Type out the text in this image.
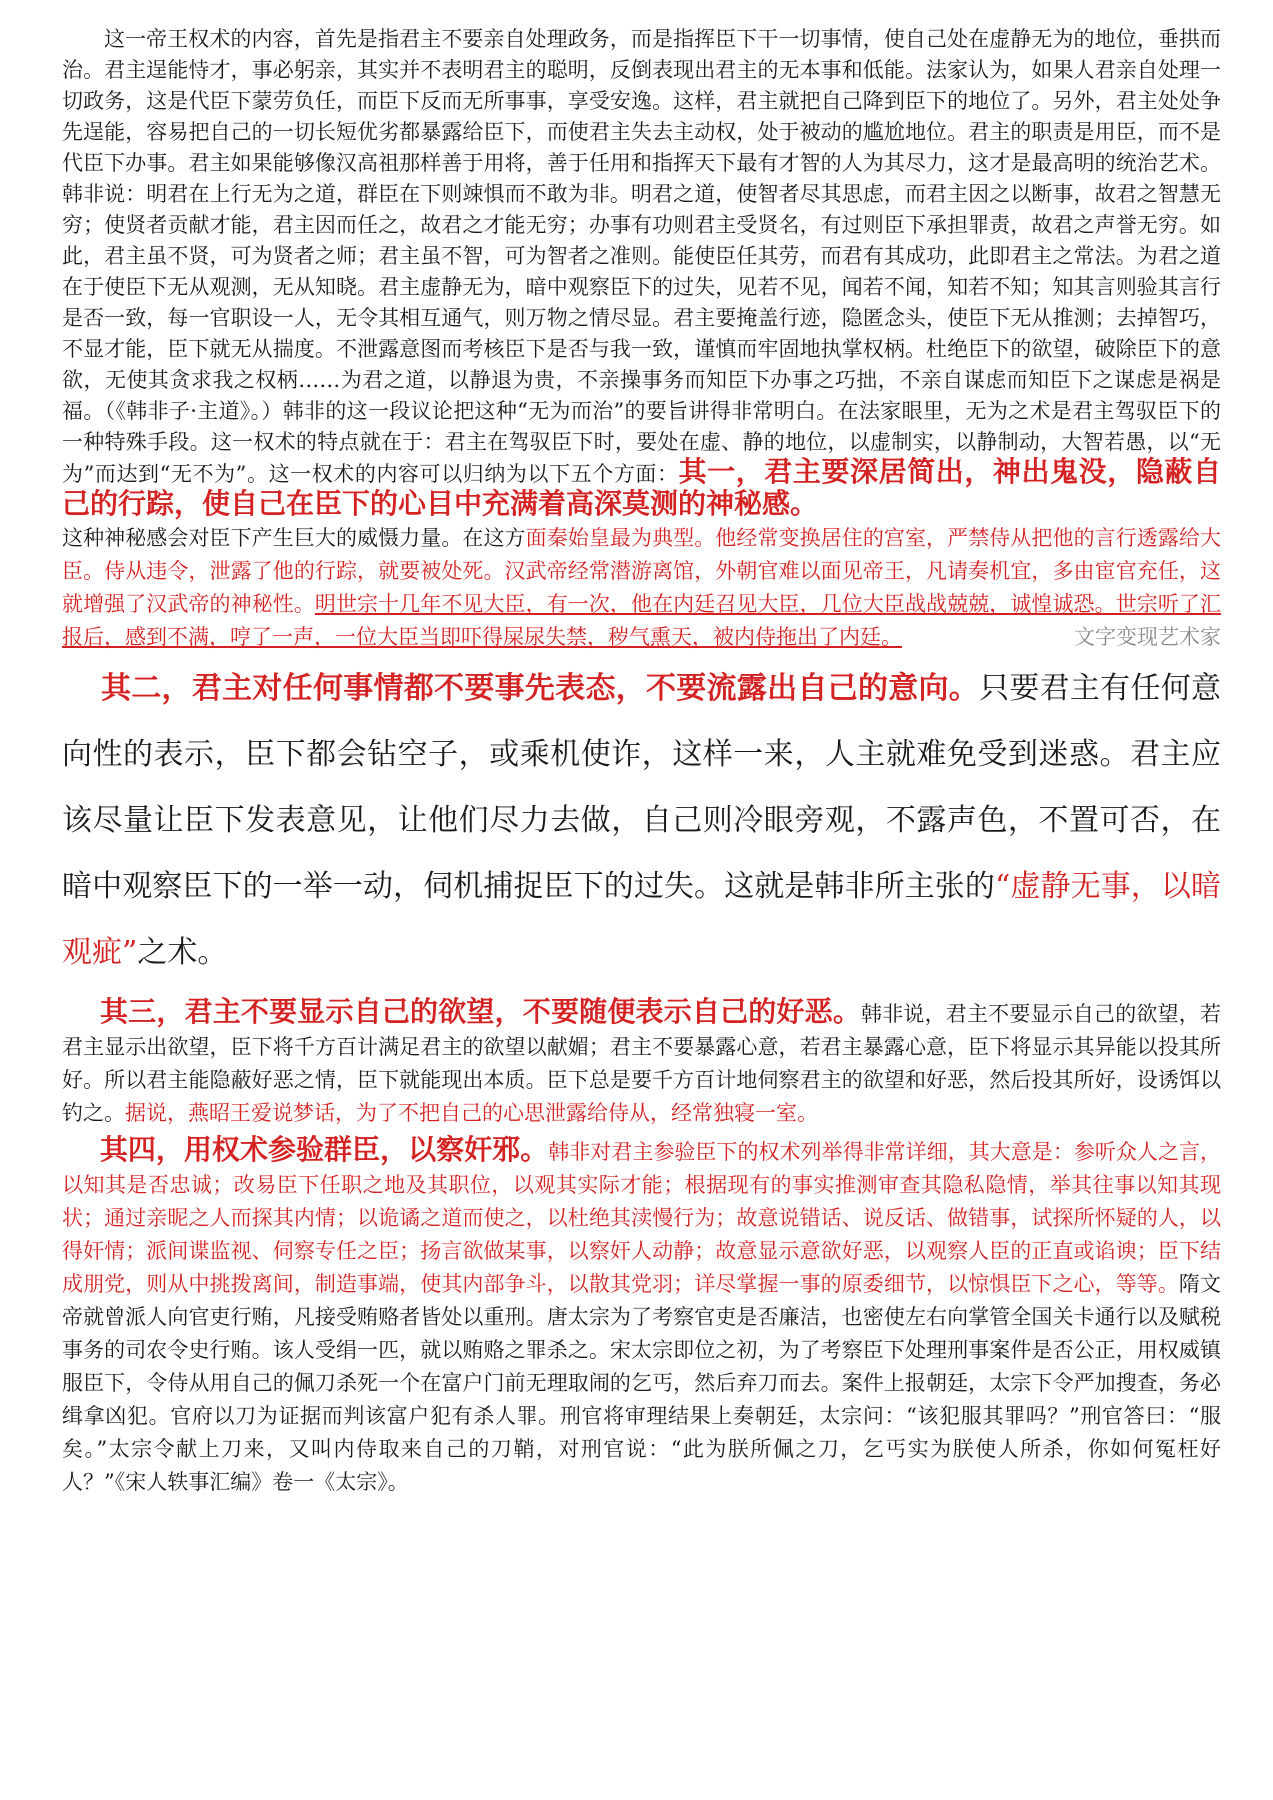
这一帝王权术的内容，首先是指君主不要亲自处理政务，而是指挥臣下干一切事情，使自己处在虚静无为的地位，垂拱而治。君主逞能恃才，事必躬亲，其实并不表明君主的聪明，反倒表现出君主的无本事和低能。法家认为，如果人君亲自处理一切政务，这是代臣下蒙劳负任，而臣下反而无所事事，享受安逸。这样，君主就把自己降到臣下的地位了。另外，君主处处争先逞能，容易把自己的一切长短优劣都暴露给臣下，而使君主失去主动权，处于被动的尴尬地位。君主的职责是用臣，而不是代臣下办事。君主如果能够像汉高祖那样善于用将，善于任用和指挥天下最有才智的人为其尽力，这才是最高明的统治艺术。韩非说：明君在上行无为之道，群臣在下则竦惧而不敢为非。明君之道，使智者尽其思虑，而君主因之以断事，故君之智慧无穷；使贤者贡献才能，君主因而任之，故君之才能无穷；办事有功则君主受贤名，有过则臣下承担罪责，故君之声誉无穷。如此，君主虽不贤，可为贤者之师；君主虽不智，可为智者之准则。能使臣任其劳，而君有其成功，此即君主之常法。为君之道在于使臣下无从观测，无从知晓。君主虚静无为，暗中观察臣下的过失，见若不见，闻若不闻，知若不知；知其言则验其言行是否一致，每一官职设一人，无令其相互通气，则万物之情尽显。君主要掩盖行迹，隐匿念头，使臣下无从推测；去掉智巧，不显才能，臣下就无从揣度。不泄露意图而考核臣下是否与我一致，谨慎而牢固地执掌权柄。杜绝臣下的欲望，破除臣下的意欲，无使其贪求我之权柄……为君之道，以静退为贵，不亲操事务而知臣下办事之巧拙，不亲自谋虑而知臣下之谋虑是祸是福。（《韩非子·主道》。）韩非的这一段议论把这种“无为而治”的要旨讲得非常明白。在法家眼里，无为之术是君主驾驭臣下的一种特殊手段。这一权术的特点就在于：君主在驾驭臣下时，要处在虚、静的地位，以虚制实，以静制动，大智若愚，以“无为”而达到“无不为”。这一权术的内容可以归纳为以下五个方面：其一，君主要深居简出，神出鬼没，隐蔽自己的行踪，使自己在臣下的心目中充满着高深莫测的神秘感。

这种神秘感会对臣下产生巨大的威慑力量。在这方面秦始皇最为典型。他经常变换居住的宫室，严禁侍从把他的言行透露给大臣。侍从违令，泄露了他的行踪，就要被处死。汉武帝经常潜游离馆，外朝官难以面见帝王，凡请奏机宜，多由宦官充任，这就增强了汉武帝的神秘性。明世宗十几年不见大臣，有一次，他在内廷召见大臣，几位大臣战战兢兢，诚惶诚恐。世宗听了汇报后，感到不满，哼了一声，一位大臣当即吓得屎尿失禁，秽气熏天，被内侍拖出了内廷。	文字变现艺术家

其二，君主对任何事情都不要事先表态，不要流露出自己的意向。只要君主有任何意向性的表示，臣下都会钻空子，或乘机使诈，这样一来，人主就难免受到迷惑。君主应该尽量让臣下发表意见，让他们尽力去做，自己则冷眼旁观，不露声色，不置可否，在暗中观察臣下的一举一动，伺机捕捉臣下的过失。这就是韩非所主张的“虚静无事，以暗观疵”之术。

其三，君主不要显示自己的欲望，不要随便表示自己的好恶。韩非说，君主不要显示自己的欲望，若君主显示出欲望，臣下将千方百计满足君主的欲望以献媚；君主不要暴露心意，若君主暴露心意，臣下将显示其异能以投其所好。所以君主能隐蔽好恶之情，臣下就能现出本质。臣下总是要千方百计地伺察君主的欲望和好恶，然后投其所好，设诱饵以钓之。据说，燕昭王爱说梦话，为了不把自己的心思泄露给侍从，经常独寝一室。

其四，用权术参验群臣，以察奸邪。韩非对君主参验臣下的权术列举得非常详细，其大意是：参听众人之言，以知其是否忠诚；改易臣下任职之地及其职位，以观其实际才能；根据现有的事实推测审查其隐私隐情，举其往事以知其现状；通过亲昵之人而探其内情；以诡谲之道而使之，以杜绝其渎慢行为；故意说错话、说反话、做错事，试探所怀疑的人，以得奸情；派间谍监视、伺察专任之臣；扬言欲做某事，以察奸人动静；故意显示意欲好恶，以观察人臣的正直或谄谀；臣下结成朋党，则从中挑拨离间，制造事端，使其内部争斗，以散其党羽；详尽掌握一事的原委细节，以惊惧臣下之心，等等。隋文帝就曾派人向官吏行贿，凡接受贿赂者皆处以重刑。唐太宗为了考察官吏是否廉洁，也密使左右向掌管全国关卡通行以及赋税事务的司农令史行贿。该人受绢一匹，就以贿赂之罪杀之。宋太宗即位之初，为了考察臣下处理刑事案件是否公正，用权威镇服臣下，令侍从用自己的佩刀杀死一个在富户门前无理取闹的乞丐，然后弃刀而去。案件上报朝廷，太宗下令严加搜查，务必缉拿凶犯。官府以刀为证据而判该富户犯有杀人罪。刑官将审理结果上奏朝廷，太宗问：“该犯服其罪吗？”刑官答曰：“服矣。”太宗令献上刀来，又叫内侍取来自己的刀鞘，对刑官说：“此为朕所佩之刀，乞丐实为朕使人所杀，你如何冤枉好人？”《宋人轶事汇编》卷一《太宗》。
